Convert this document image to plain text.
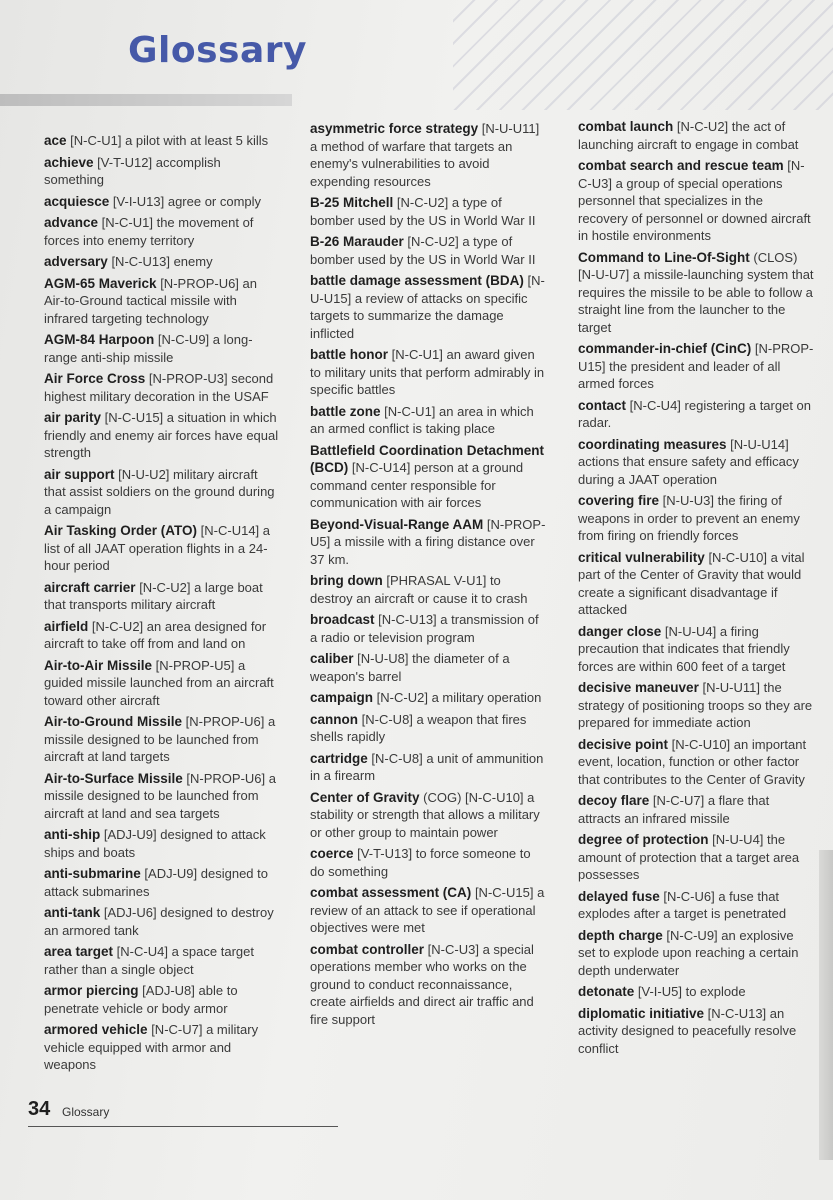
Glossary

ace [N-C-U1] a pilot with at least 5 kills

achieve [V-T-U12] accomplish something

acquiesce [V-I-U13] agree or comply

advance [N-C-U1] the movement of forces into enemy territory

adversary [N-C-U13] enemy

AGM-65 Maverick [N-PROP-U6] an Air-to-Ground tactical missile with infrared targeting technology

AGM-84 Harpoon [N-C-U9] a long-range anti-ship missile

Air Force Cross [N-PROP-U3] second highest military decoration in the USAF

air parity [N-C-U15] a situation in which friendly and enemy air forces have equal strength

air support [N-U-U2] military aircraft that assist soldiers on the ground during a campaign

Air Tasking Order (ATO) [N-C-U14] a list of all JAAT operation flights in a 24-hour period

aircraft carrier [N-C-U2] a large boat that transports military aircraft

airfield [N-C-U2] an area designed for aircraft to take off from and land on

Air-to-Air Missile [N-PROP-U5] a guided missile launched from an aircraft toward other aircraft

Air-to-Ground Missile [N-PROP-U6] a missile designed to be launched from aircraft at land targets

Air-to-Surface Missile [N-PROP-U6] a missile designed to be launched from aircraft at land and sea targets

anti-ship [ADJ-U9] designed to attack ships and boats

anti-submarine [ADJ-U9] designed to attack submarines

anti-tank [ADJ-U6] designed to destroy an armored tank

area target [N-C-U4] a space target rather than a single object

armor piercing [ADJ-U8] able to penetrate vehicle or body armor

armored vehicle [N-C-U7] a military vehicle equipped with armor and weapons

asymmetric force strategy [N-U-U11] a method of warfare that targets an enemy's vulnerabilities to avoid expending resources

B-25 Mitchell [N-C-U2] a type of bomber used by the US in World War II

B-26 Marauder [N-C-U2] a type of bomber used by the US in World War II

battle damage assessment (BDA) [N-U-U15] a review of attacks on specific targets to summarize the damage inflicted

battle honor [N-C-U1] an award given to military units that perform admirably in specific battles

battle zone [N-C-U1] an area in which an armed conflict is taking place

Battlefield Coordination Detachment (BCD) [N-C-U14] person at a ground command center responsible for communication with air forces

Beyond-Visual-Range AAM [N-PROP-U5] a missile with a firing distance over 37 km.

bring down [PHRASAL V-U1] to destroy an aircraft or cause it to crash

broadcast [N-C-U13] a transmission of a radio or television program

caliber [N-U-U8] the diameter of a weapon's barrel

campaign [N-C-U2] a military operation

cannon [N-C-U8] a weapon that fires shells rapidly

cartridge [N-C-U8] a unit of ammunition in a firearm

Center of Gravity (COG) [N-C-U10] a stability or strength that allows a military or other group to maintain power

coerce [V-T-U13] to force someone to do something

combat assessment (CA) [N-C-U15] a review of an attack to see if operational objectives were met

combat controller [N-C-U3] a special operations member who works on the ground to conduct reconnaissance, create airfields and direct air traffic and fire support

combat launch [N-C-U2] the act of launching aircraft to engage in combat

combat search and rescue team [N-C-U3] a group of special operations personnel that specializes in the recovery of personnel or downed aircraft in hostile environments

Command to Line-Of-Sight (CLOS) [N-U-U7] a missile-launching system that requires the missile to be able to follow a straight line from the launcher to the target

commander-in-chief (CinC) [N-PROP-U15] the president and leader of all armed forces

contact [N-C-U4] registering a target on radar.

coordinating measures [N-U-U14] actions that ensure safety and efficacy during a JAAT operation

covering fire [N-U-U3] the firing of weapons in order to prevent an enemy from firing on friendly forces

critical vulnerability [N-C-U10] a vital part of the Center of Gravity that would create a significant disadvantage if attacked

danger close [N-U-U4] a firing precaution that indicates that friendly forces are within 600 feet of a target

decisive maneuver [N-U-U11] the strategy of positioning troops so they are prepared for immediate action

decisive point [N-C-U10] an important event, location, function or other factor that contributes to the Center of Gravity

decoy flare [N-C-U7] a flare that attracts an infrared missile

degree of protection [N-U-U4] the amount of protection that a target area possesses

delayed fuse [N-C-U6] a fuse that explodes after a target is penetrated

depth charge [N-C-U9] an explosive set to explode upon reaching a certain depth underwater

detonate [V-I-U5] to explode

diplomatic initiative [N-C-U13] an activity designed to peacefully resolve conflict

34 Glossary
